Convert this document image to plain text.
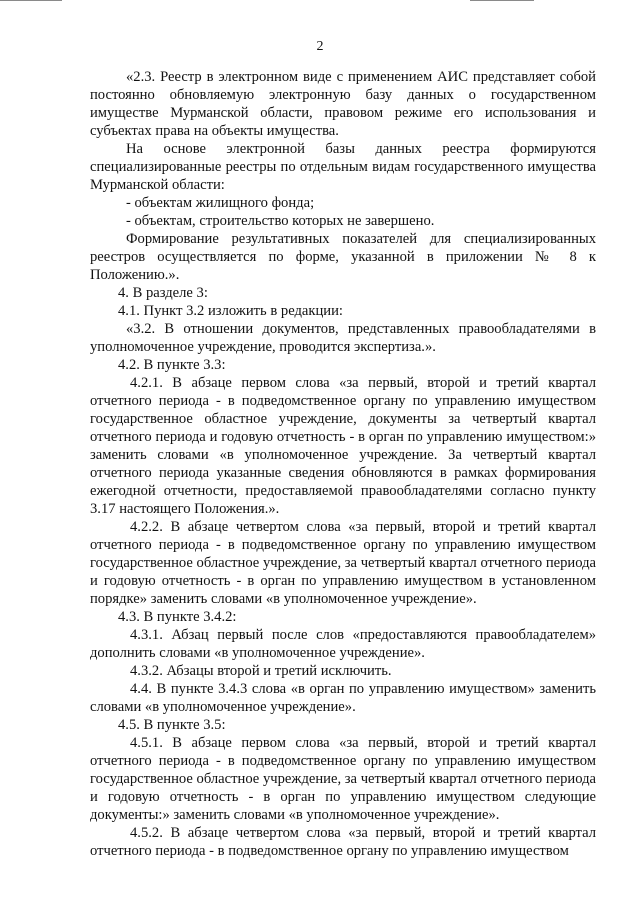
2

«2.3. Реестр в электронном виде с применением АИС представляет собой постоянно обновляемую электронную базу данных о государственном имуществе Мурманской области, правовом режиме его использования и субъектах права на объекты имущества.

На основе электронной базы данных реестра формируются специализированные реестры по отдельным видам государственного имущества Мурманской области:

- объектам жилищного фонда;

- объектам, строительство которых не завершено.

Формирование результативных показателей для специализированных реестров осуществляется по форме, указанной в приложении № 8 к Положению.».

4. В разделе 3:

4.1. Пункт 3.2 изложить в редакции:

«3.2. В отношении документов, представленных правообладателями в уполномоченное учреждение, проводится экспертиза.».

4.2. В пункте 3.3:

4.2.1. В абзаце первом слова «за первый, второй и третий квартал отчетного периода - в подведомственное органу по управлению имуществом государственное областное учреждение, документы за четвертый квартал отчетного периода и годовую отчетность - в орган по управлению имуществом:» заменить словами «в уполномоченное учреждение. За четвертый квартал отчетного периода указанные сведения обновляются в рамках формирования ежегодной отчетности, предоставляемой правообладателями согласно пункту 3.17 настоящего Положения.».

4.2.2. В абзаце четвертом слова «за первый, второй и третий квартал отчетного периода - в подведомственное органу по управлению имуществом государственное областное учреждение, за четвертый квартал отчетного периода и годовую отчетность - в орган по управлению имуществом в установленном порядке» заменить словами «в уполномоченное учреждение».

4.3. В пункте 3.4.2:

4.3.1. Абзац первый после слов «предоставляются правообладателем» дополнить словами «в уполномоченное учреждение».

4.3.2. Абзацы второй и третий исключить.

4.4. В пункте 3.4.3 слова «в орган по управлению имуществом» заменить словами «в уполномоченное учреждение».

4.5. В пункте 3.5:

4.5.1. В абзаце первом слова «за первый, второй и третий квартал отчетного периода - в подведомственное органу по управлению имуществом государственное областное учреждение, за четвертый квартал отчетного периода и годовую отчетность - в орган по управлению имуществом следующие документы:» заменить словами «в уполномоченное учреждение».

4.5.2. В абзаце четвертом слова «за первый, второй и третий квартал отчетного периода - в подведомственное органу по управлению имуществом
